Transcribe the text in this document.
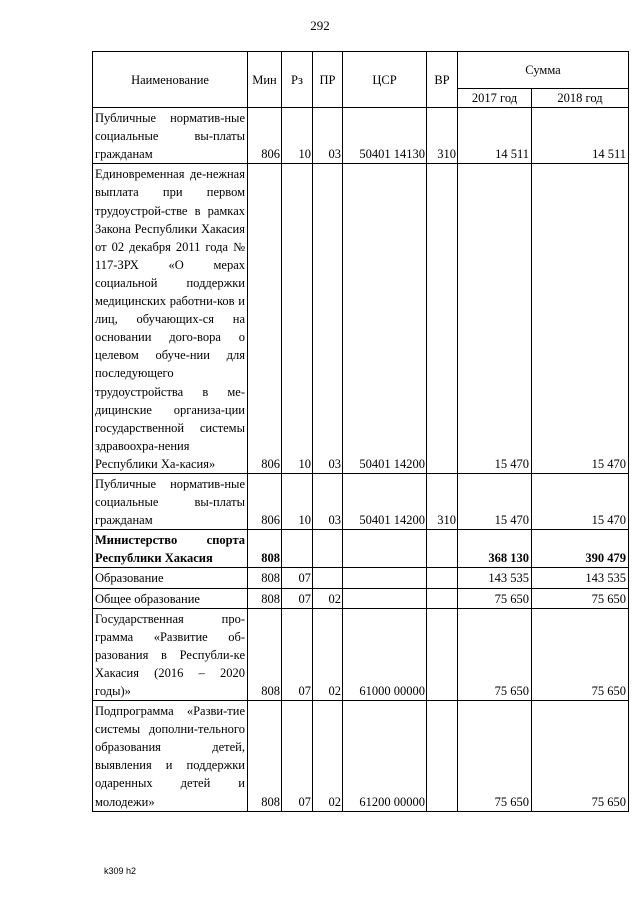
292
Наименование	Мин	Рз	ПР	ЦСР	ВР	Сумма	
						2017 год	2018 год
Публичные норматив-ные социальные вы-платы гражданам	806	10	03	50401 14130	310	14 511	14 511
Единовременная де-нежная выплата при первом трудоустрой-стве в рамках Закона Республики Хакасия от 02 декабря 2011 года № 117-ЗРХ «О мерах социальной поддержки медицинских работни-ков и лиц, обучающих-ся на основании дого-вора о целевом обуче-нии для последующего трудоустройства в ме-дицинские организа-ции государственной системы здравоохра-нения Республики Ха-касия»	806	10	03	50401 14200		15 470	15 470
Публичные норматив-ные социальные вы-платы гражданам	806	10	03	50401 14200	310	15 470	15 470
Министерство спорта Республики Хакасия	808					368 130	390 479
Образование	808	07				143 535	143 535
Общее образование	808	07	02			75 650	75 650
Государственная про-грамма «Развитие об-разования в Республи-ке Хакасия (2016 – 2020 годы)»	808	07	02	61000 00000		75 650	75 650
Подпрограмма «Разви-тие системы дополни-тельного образования детей, выявления и поддержки одаренных детей и молодежи»	808	07	02	61200 00000		75 650	75 650
k309 h2
